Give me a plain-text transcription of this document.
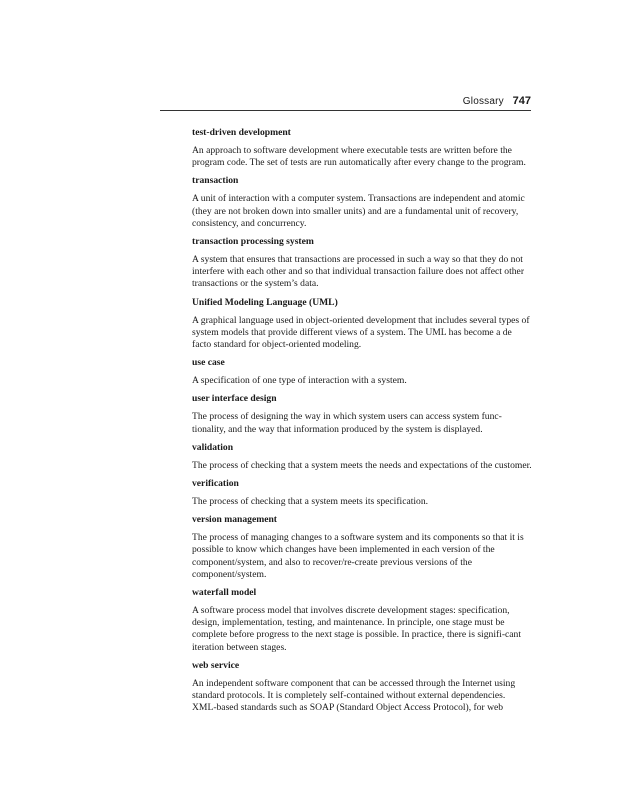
Glossary 747

test-driven development

An approach to software development where executable tests are written before the program code. The set of tests are run automatically after every change to the program.

transaction

A unit of interaction with a computer system. Transactions are independent and atomic (they are not broken down into smaller units) and are a fundamental unit of recovery, consistency, and concurrency.

transaction processing system

A system that ensures that transactions are processed in such a way so that they do not interfere with each other and so that individual transaction failure does not affect other transactions or the system’s data.

Unified Modeling Language (UML)

A graphical language used in object-oriented development that includes several types of system models that provide different views of a system. The UML has become a de facto standard for object-oriented modeling.

use case

A specification of one type of interaction with a system.

user interface design

The process of designing the way in which system users can access system func-tionality, and the way that information produced by the system is displayed.

validation

The process of checking that a system meets the needs and expectations of the customer.

verification

The process of checking that a system meets its specification.

version management

The process of managing changes to a software system and its components so that it is possible to know which changes have been implemented in each version of the component/system, and also to recover/re-create previous versions of the component/system.

waterfall model

A software process model that involves discrete development stages: specification, design, implementation, testing, and maintenance. In principle, one stage must be complete before progress to the next stage is possible. In practice, there is signifi-cant iteration between stages.

web service

An independent software component that can be accessed through the Internet using standard protocols. It is completely self-contained without external dependencies. XML-based standards such as SOAP (Standard Object Access Protocol), for web
